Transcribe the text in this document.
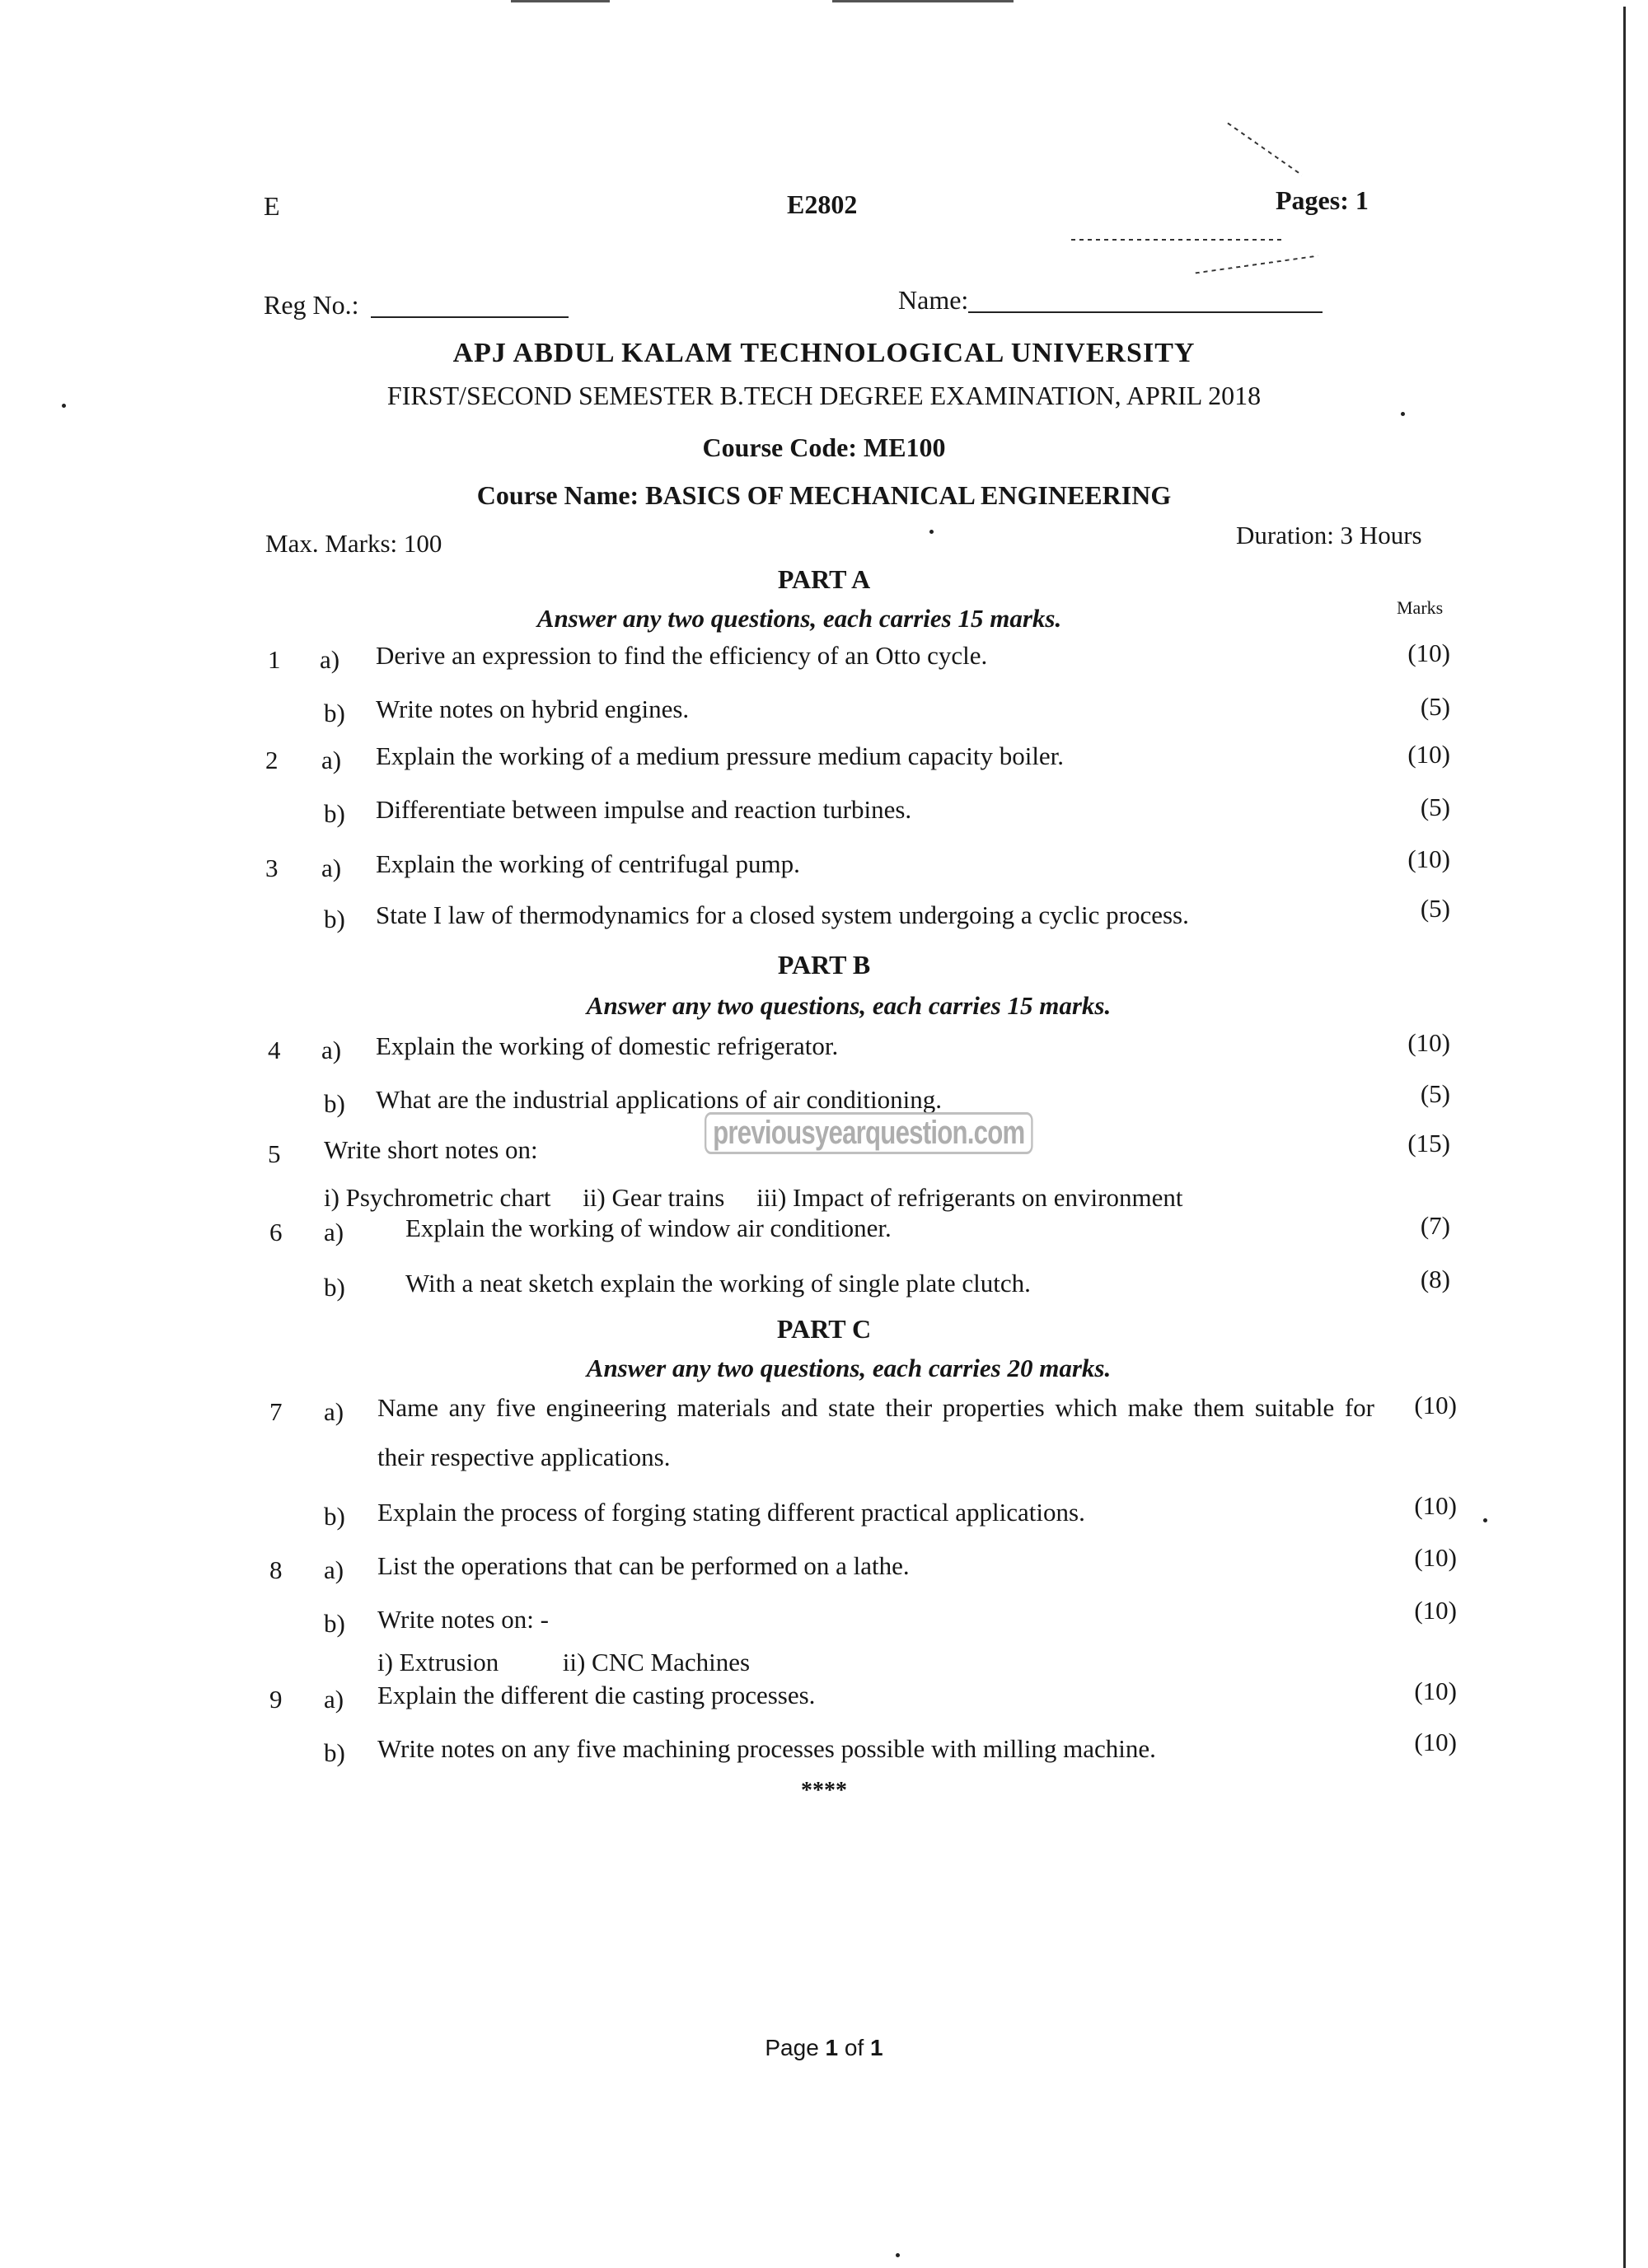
E	E2802	Pages: 1
Reg No.:	Name:
APJ ABDUL KALAM TECHNOLOGICAL UNIVERSITY
FIRST/SECOND SEMESTER B.TECH DEGREE EXAMINATION, APRIL 2018
Course Code: ME100
Course Name: BASICS OF MECHANICAL ENGINEERING
Max. Marks: 100	Duration: 3 Hours
Marks
PART A
Answer any two questions, each carries 15 marks.
1 a) Derive an expression to find the efficiency of an Otto cycle.	(10)
b) Write notes on hybrid engines.	(5)
2 a) Explain the working of a medium pressure medium capacity boiler.	(10)
b) Differentiate between impulse and reaction turbines.	(5)
3 a) Explain the working of centrifugal pump.	(10)
b) State I law of thermodynamics for a closed system undergoing a cyclic process.	(5)
PART B
Answer any two questions, each carries 15 marks.
4 a) Explain the working of domestic refrigerator.	(10)
b) What are the industrial applications of air conditioning.	(5)
5 Write short notes on:	(15)
i) Psychrometric chart     ii) Gear trains     iii) Impact of refrigerants on environment
previousyearquestion.com
6 a) Explain the working of window air conditioner.	(7)
b) With a neat sketch explain the working of single plate clutch.	(8)
PART C
Answer any two questions, each carries 20 marks.
7 a) Name any five engineering materials and state their properties which make them suitable for their respective applications.
(10)
b) Explain the process of forging stating different practical applications.	(10)
8 a) List the operations that can be performed on a lathe.	(10)
b) Write notes on: -	(10)
i) Extrusion          ii) CNC Machines
9 a) Explain the different die casting processes.	(10)
b) Write notes on any five machining processes possible with milling machine.	(10)
****
Page 1 of 1
